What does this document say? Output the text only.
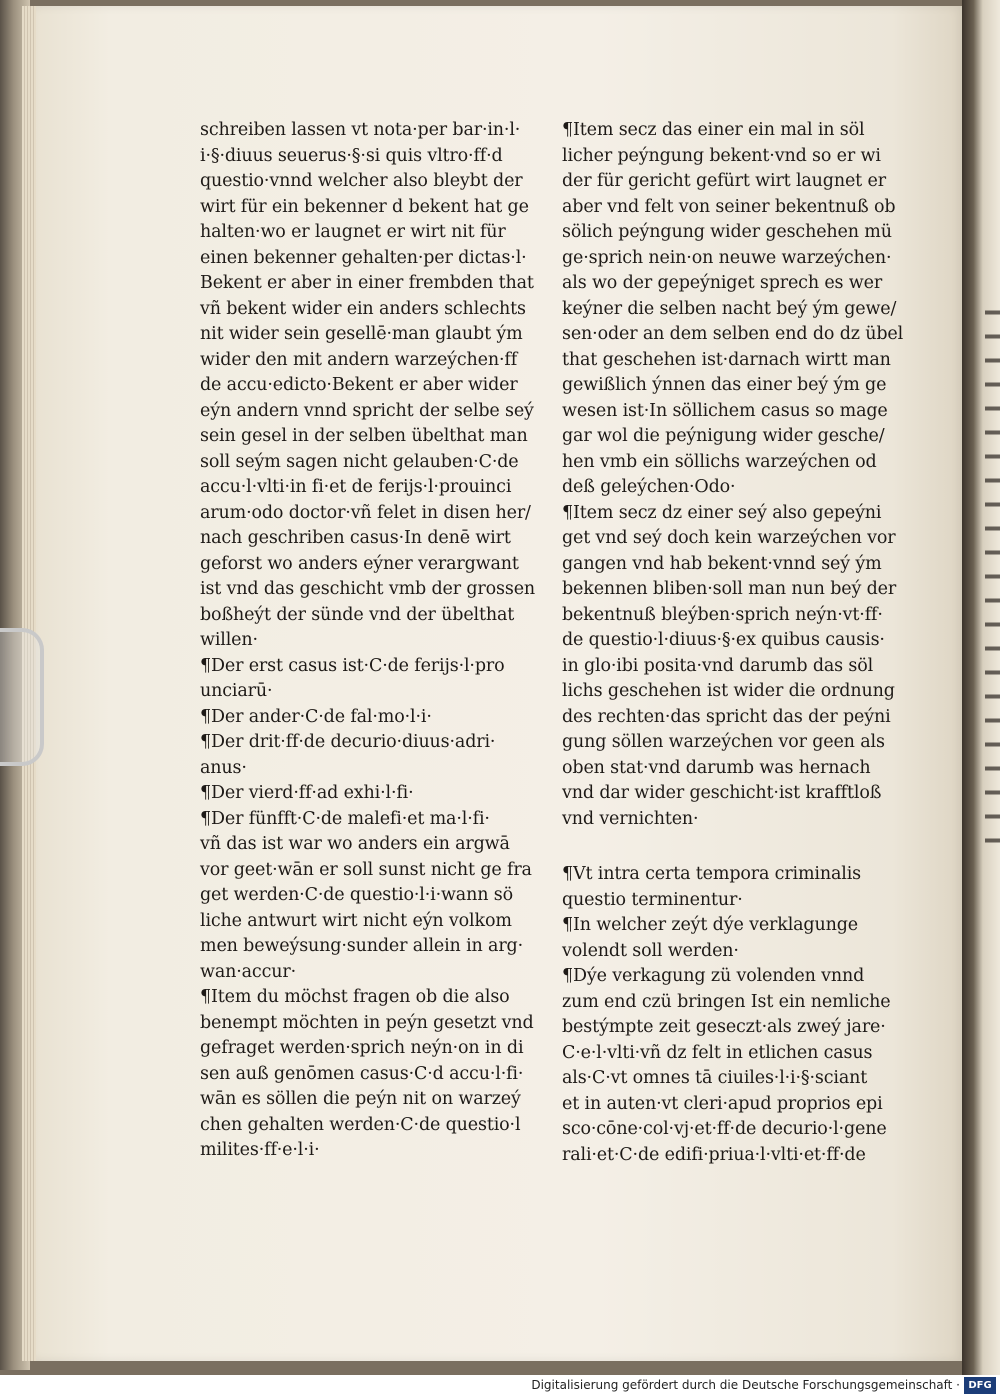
schreiben lassen vt nota·per bar·in·l·
i·§·diuus seuerus·§·si quis vltro·ff·d
questio·vnnd welcher also bleybt der
wirt für ein bekenner d bekent hat ge
halten·wo er laugnet er wirt nit für
einen bekenner gehalten·per dictas·l·
Bekent er aber in einer frembden that
vñ bekent wider ein anders schlechts
nit wider sein gesellē·man glaubt ým
wider den mit andern warzeýchen·ff
de accu·edicto·Bekent er aber wider
eýn andern vnnd spricht der selbe seý
sein gesel in der selben übelthat man
soll seým sagen nicht gelauben·C·de
accu·l·vlti·in fi·et de ferijs·l·prouinci
arum·odo doctor·vñ felet in disen her/
nach geschriben casus·In denē wirt
geforst wo anders eýner verargwant
ist vnd das geschicht vmb der grossen
boßheýt der sünde vnd der übelthat
willen·
¶Der erst casus ist·C·de ferijs·l·pro
unciarū·
¶Der ander·C·de fal·mo·l·i·
¶Der drit·ff·de decurio·diuus·adri·
anus·
¶Der vierd·ff·ad exhi·l·fi·
¶Der fünfft·C·de malefi·et ma·l·fi·
vñ das ist war wo anders ein argwā
vor geet·wān er soll sunst nicht ge fra
get werden·C·de questio·l·i·wann sö
liche antwurt wirt nicht eýn volkom
men beweýsung·sunder allein in arg·
wan·accur·
¶Item du möchst fragen ob die also
benempt möchten in peýn gesetzt vnd
gefraget werden·sprich neýn·on in di
sen auß genōmen casus·C·d accu·l·fi·
wān es söllen die peýn nit on warzeý
chen gehalten werden·C·de questio·l
milites·ff·e·l·i·
¶Item secz das einer ein mal in söl
licher peýngung bekent·vnd so er wi
der für gericht gefürt wirt laugnet er
aber vnd felt von seiner bekentnuß ob
sölich peýngung wider geschehen mü
ge·sprich nein·on neuwe warzeýchen·
als wo der gepeýniget sprech es wer
keýner die selben nacht beý ým gewe/
sen·oder an dem selben end do dz übel
that geschehen ist·darnach wirtt man
gewißlich ýnnen das einer beý ým ge
wesen ist·In söllichem casus so mage
gar wol die peýnigung wider gesche/
hen vmb ein söllichs warzeýchen od
deß geleýchen·Odo·
¶Item secz dz einer seý also gepeýni
get vnd seý doch kein warzeýchen vor
gangen vnd hab bekent·vnnd seý ým
bekennen bliben·soll man nun beý der
bekentnuß bleýben·sprich neýn·vt·ff·
de questio·l·diuus·§·ex quibus causis·
in glo·ibi posita·vnd darumb das söl
lichs geschehen ist wider die ordnung
des rechten·das spricht das der peýni
gung söllen warzeýchen vor geen als
oben stat·vnd darumb was hernach
vnd dar wider geschicht·ist krafftloß
vnd vernichten·
¶Vt intra certa tempora criminalis
questio terminentur·
¶In welcher zeýt dýe verklagunge
volendt soll werden·
¶Dýe verkagung zü volenden vnnd
zum end czü bringen Ist ein nemliche
bestýmpte zeit geseczt·als zweý jare·
C·e·l·vlti·vñ dz felt in etlichen casus
als·C·vt omnes tā ciuiles·l·i·§·sciant
et in auten·vt cleri·apud proprios epi
sco·cōne·col·vj·et·ff·de decurio·l·gene
rali·et·C·de edifi·priua·l·vlti·et·ff·de
Digitalisierung gefördert durch die Deutsche Forschungsgemeinschaft · DFG
